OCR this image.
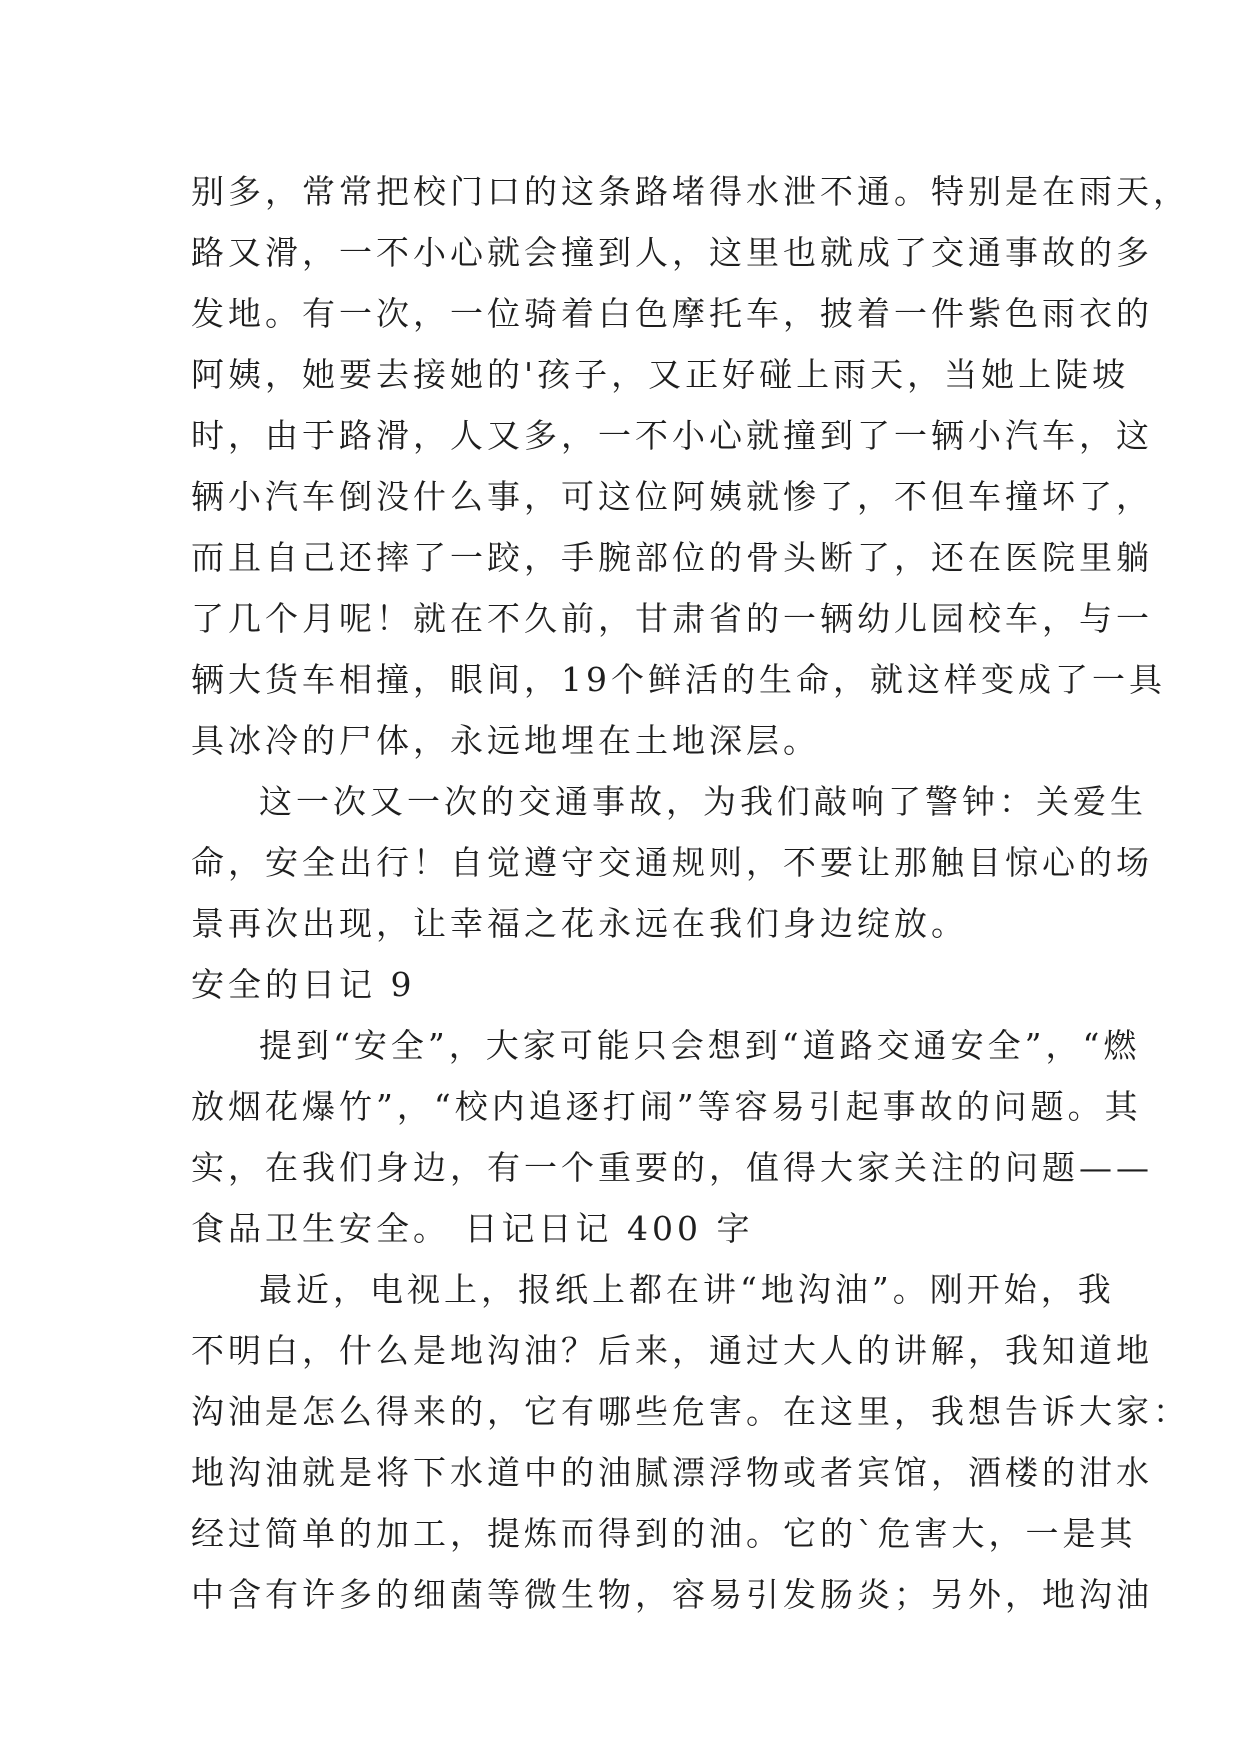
别多，常常把校门口的这条路堵得水泄不通。特别是在雨天，
路又滑，一不小心就会撞到人，这里也就成了交通事故的多
发地。有一次，一位骑着白色摩托车，披着一件紫色雨衣的
阿姨，她要去接她的'孩子，又正好碰上雨天，当她上陡坡
时，由于路滑，人又多，一不小心就撞到了一辆小汽车，这
辆小汽车倒没什么事，可这位阿姨就惨了，不但车撞坏了，
而且自己还摔了一跤，手腕部位的骨头断了，还在医院里躺
了几个月呢！就在不久前，甘肃省的一辆幼儿园校车，与一
辆大货车相撞，眼间，19个鲜活的生命，就这样变成了一具
具冰冷的尸体，永远地埋在土地深层。
这一次又一次的交通事故，为我们敲响了警钟：关爱生
命，安全出行！自觉遵守交通规则，不要让那触目惊心的场
景再次出现，让幸福之花永远在我们身边绽放。
安全的日记 9
提到“安全”，大家可能只会想到“道路交通安全”，“燃
放烟花爆竹”，“校内追逐打闹”等容易引起事故的问题。其
实，在我们身边，有一个重要的，值得大家关注的问题——
食品卫生安全。 日记日记 400 字
最近，电视上，报纸上都在讲“地沟油”。刚开始，我
不明白，什么是地沟油？后来，通过大人的讲解，我知道地
沟油是怎么得来的，它有哪些危害。在这里，我想告诉大家：
地沟油就是将下水道中的油腻漂浮物或者宾馆，酒楼的泔水
经过简单的加工，提炼而得到的油。它的`危害大，一是其
中含有许多的细菌等微生物，容易引发肠炎；另外，地沟油
